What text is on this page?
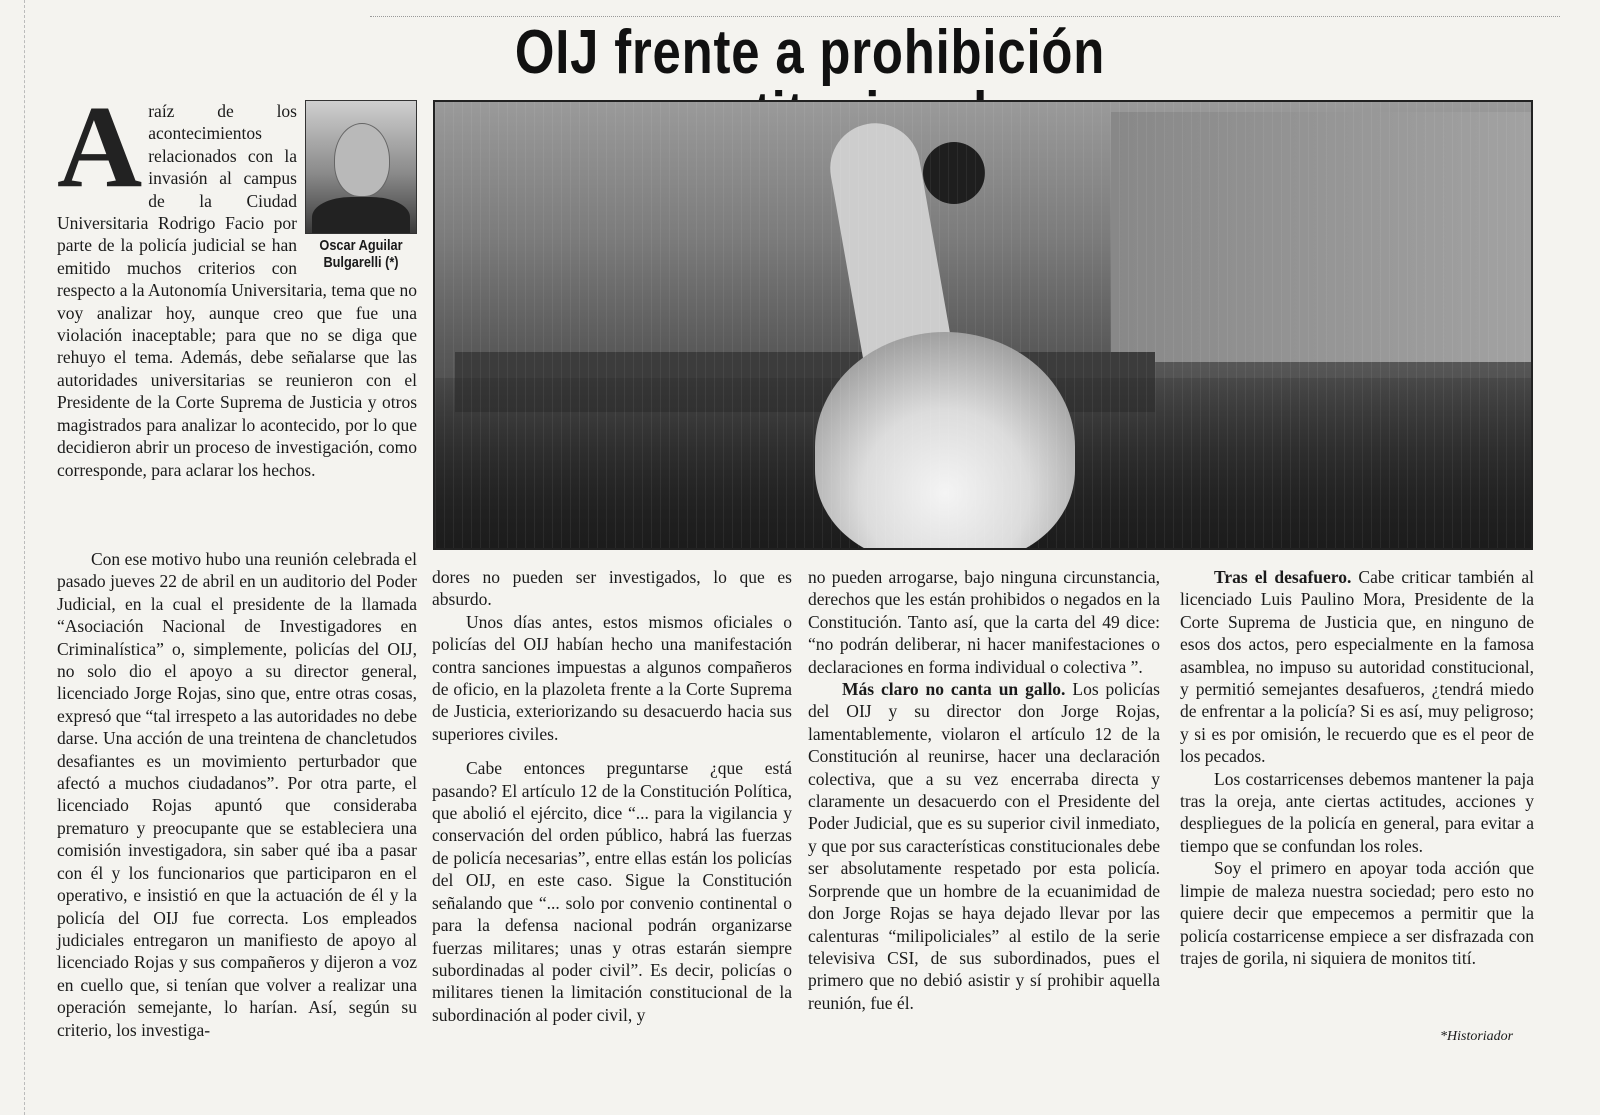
OIJ frente a prohibición
Oscar Aguilar
Bulgarelli (*)
A raíz de los acontecimientos relacionados con la invasión al campus de la Ciudad Universitaria Rodrigo Facio por parte de la policía judicial se han emitido muchos criterios con respecto a la Autonomía Universitaria, tema que no voy analizar hoy, aunque creo que fue una violación inaceptable; para que no se diga que rehuyo el tema. Además, debe señalarse que las autoridades universitarias se reunieron con el Presidente de la Corte Suprema de Justicia y otros magistrados para analizar lo acontecido, por lo que decidieron abrir un proceso de investigación, como corresponde, para aclarar los hechos.

Con ese motivo hubo una reunión celebrada el pasado jueves 22 de abril en un auditorio del Poder Judicial, en la cual el presidente de la llamada “Asociación Nacional de Investigadores en Criminalística” o, simplemente, policías del OIJ, no solo dio el apoyo a su director general, licenciado Jorge Rojas, sino que, entre otras cosas, expresó que “tal irrespeto a las autoridades no debe darse. Una acción de una treintena de chancletudos desafiantes es un movimiento perturbador que afectó a muchos ciudadanos”. Por otra parte, el licenciado Rojas apuntó que consideraba prematuro y preocupante que se estableciera una comisión investigadora, sin saber qué iba a pasar con él y los funcionarios que participaron en el operativo, e insistió en que la actuación de él y la policía del OIJ fue correcta. Los empleados judiciales entregaron un manifiesto de apoyo al licenciado Rojas y sus compañeros y dijeron a voz en cuello que, si tenían que volver a realizar una operación semejante, lo harían. Así, según su criterio, los investiga-

dores no pueden ser investigados, lo que es absurdo.

Unos días antes, estos mismos oficiales o policías del OIJ habían hecho una manifestación contra sanciones impuestas a algunos compañeros de oficio, en la plazoleta frente a la Corte Suprema de Justicia, exteriorizando su desacuerdo hacia sus superiores civiles.

Cabe entonces preguntarse ¿que está pasando? El artículo 12 de la Constitución Política, que abolió el ejército, dice “... para la vigilancia y conservación del orden público, habrá las fuerzas de policía necesarias”, entre ellas están los policías del OIJ, en este caso. Sigue la Constitución señalando que “... solo por convenio continental o para la defensa nacional podrán organizarse fuerzas militares; unas y otras estarán siempre subordinadas al poder civil”. Es decir, policías o militares tienen la limitación constitucional de la subordinación al poder civil, y

no pueden arrogarse, bajo ninguna circunstancia, derechos que les están prohibidos o negados en la Constitución. Tanto así, que la carta del 49 dice: “no podrán deliberar, ni hacer manifestaciones o declaraciones en forma individual o colectiva ”.

Más claro no canta un gallo. Los policías del OIJ y su director don Jorge Rojas, lamentablemente, violaron el artículo 12 de la Constitución al reunirse, hacer una declaración colectiva, que a su vez encerraba directa y claramente un desacuerdo con el Presidente del Poder Judicial, que es su superior civil inmediato, y que por sus características constitucionales debe ser absolutamente respetado por esta policía. Sorprende que un hombre de la ecuanimidad de don Jorge Rojas se haya dejado llevar por las calenturas “milipoliciales” al estilo de la serie televisiva CSI, de sus subordinados, pues el primero que no debió asistir y sí prohibir aquella reunión, fue él.

Tras el desafuero. Cabe criticar también al licenciado Luis Paulino Mora, Presidente de la Corte Suprema de Justicia que, en ninguno de esos dos actos, pero especialmente en la famosa asamblea, no impuso su autoridad constitucional, y permitió semejantes desafueros, ¿tendrá miedo de enfrentar a la policía? Si es así, muy peligroso; y si es por omisión, le recuerdo que es el peor de los pecados.

Los costarricenses debemos mantener la paja tras la oreja, ante ciertas actitudes, acciones y despliegues de la policía en general, para evitar a tiempo que se confundan los roles.

Soy el primero en apoyar toda acción que limpie de maleza nuestra sociedad; pero esto no quiere decir que empecemos a permitir que la policía costarricense empiece a ser disfrazada con trajes de gorila, ni siquiera de monitos tití.

*Historiador
